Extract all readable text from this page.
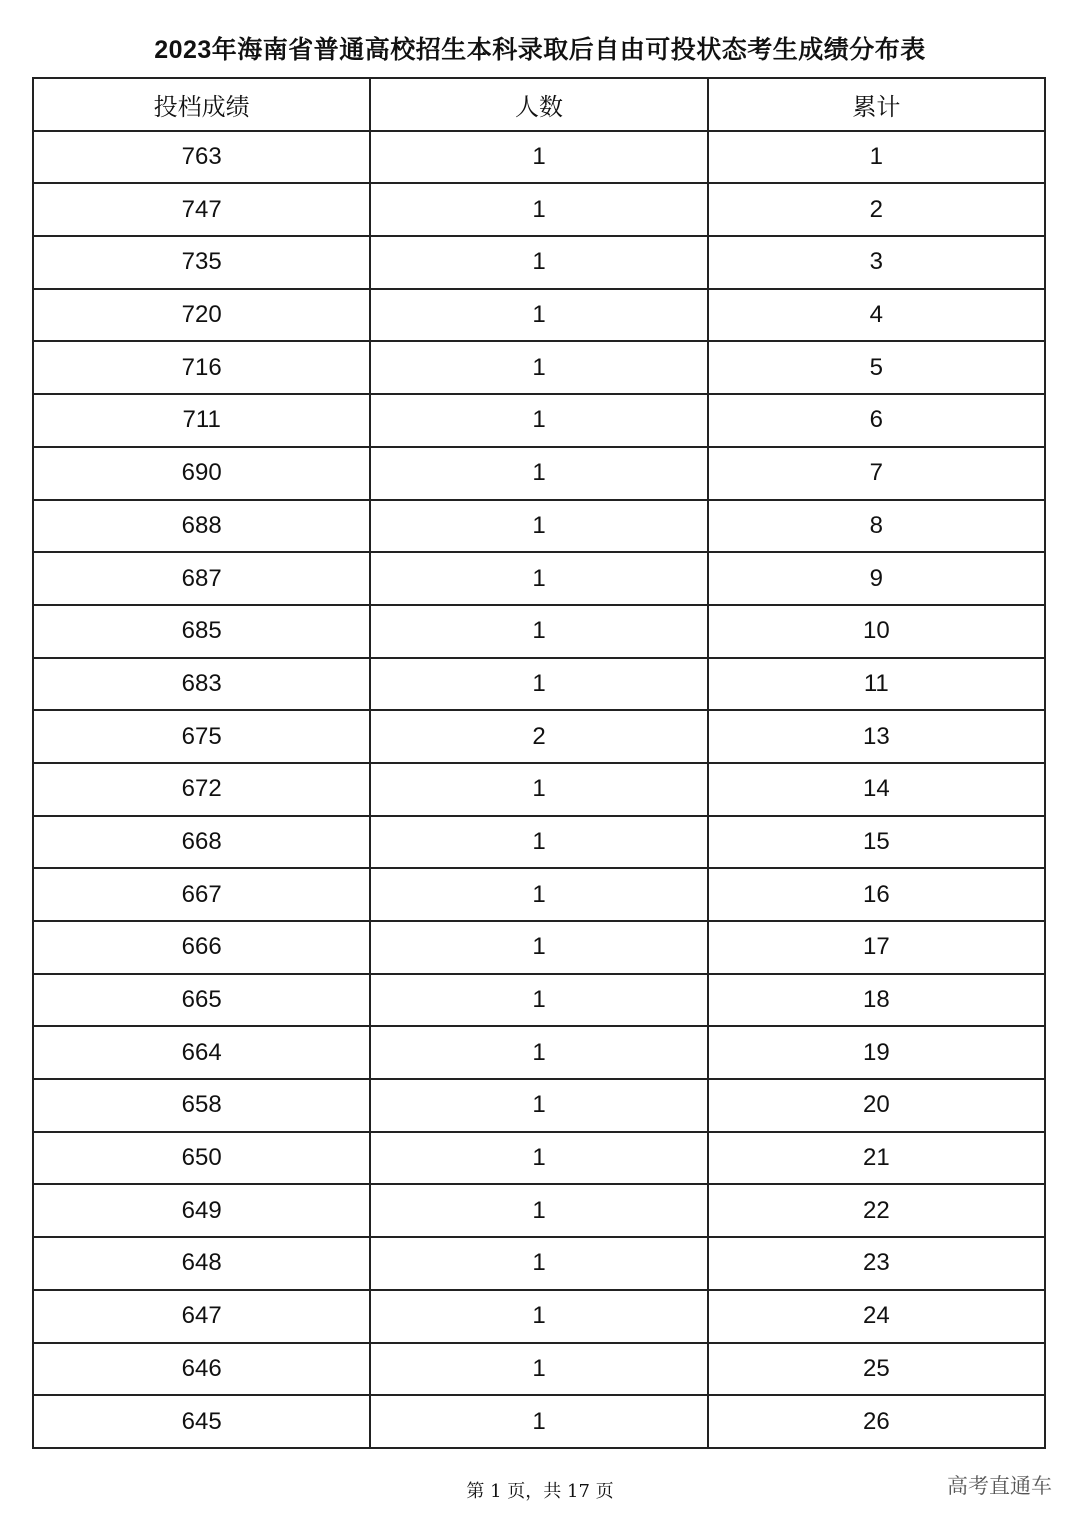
2023年海南省普通高校招生本科录取后自由可投状态考生成绩分布表
投档成绩	人数	累计
763	1	1
747	1	2
735	1	3
720	1	4
716	1	5
711	1	6
690	1	7
688	1	8
687	1	9
685	1	10
683	1	11
675	2	13
672	1	14
668	1	15
667	1	16
666	1	17
665	1	18
664	1	19
658	1	20
650	1	21
649	1	22
648	1	23
647	1	24
646	1	25
645	1	26
第 1 页，共 17 页	高考直通车
